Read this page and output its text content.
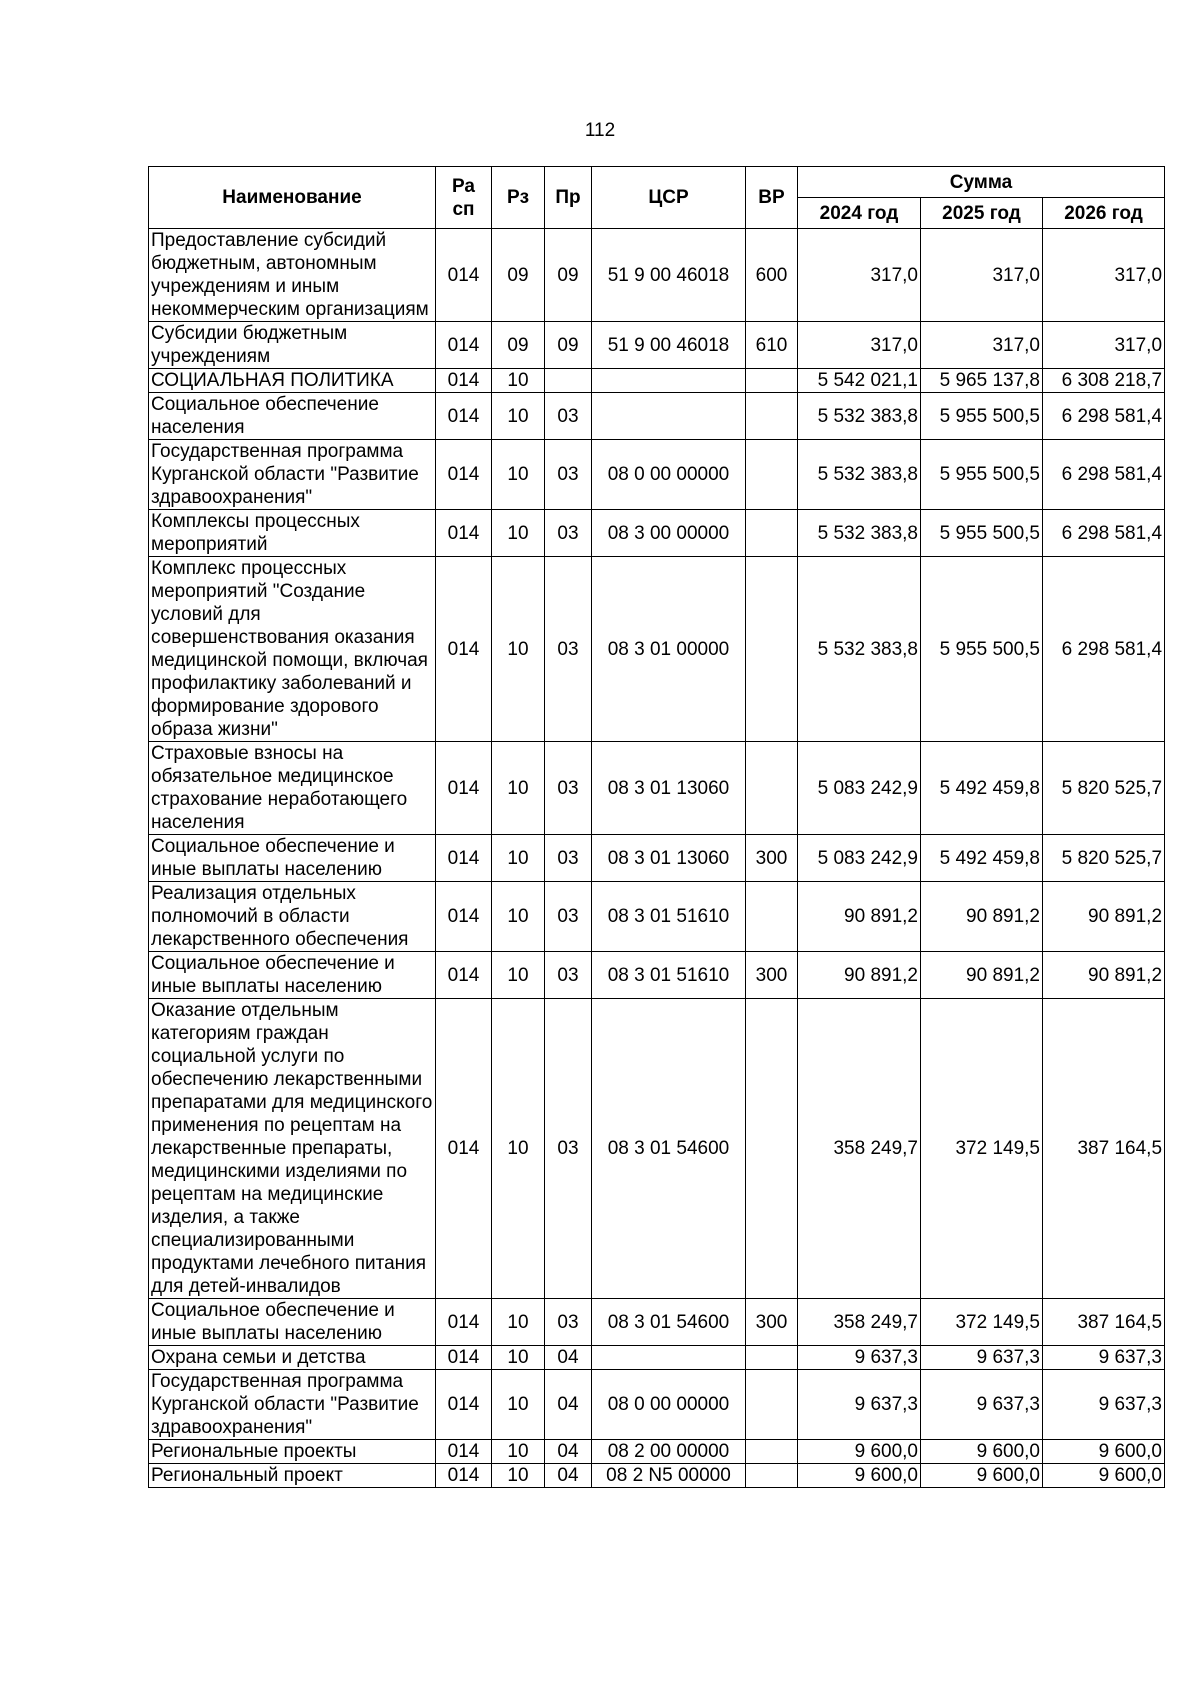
112
Наименование	Ра
сп	Рз	Пр	ЦСР	ВР	Сумма		
						2024 год	2025 год	2026 год
Предоставление субсидий бюджетным, автономным учреждениям и иным некоммерческим организациям	014	09	09	51 9 00 46018	600	317,0	317,0	317,0
Субсидии бюджетным учреждениям	014	09	09	51 9 00 46018	610	317,0	317,0	317,0
СОЦИАЛЬНАЯ ПОЛИТИКА	014	10				5 542 021,1	5 965 137,8	6 308 218,7
Социальное обеспечение населения	014	10	03			5 532 383,8	5 955 500,5	6 298 581,4
Государственная программа Курганской области "Развитие здравоохранения"	014	10	03	08 0 00 00000		5 532 383,8	5 955 500,5	6 298 581,4
Комплексы процессных мероприятий	014	10	03	08 3 00 00000		5 532 383,8	5 955 500,5	6 298 581,4
Комплекс процессных мероприятий "Создание условий для совершенствования оказания медицинской помощи, включая профилактику заболеваний и формирование здорового образа жизни"	014	10	03	08 3 01 00000		5 532 383,8	5 955 500,5	6 298 581,4
Страховые взносы на обязательное медицинское страхование неработающего населения	014	10	03	08 3 01 13060		5 083 242,9	5 492 459,8	5 820 525,7
Социальное обеспечение и иные выплаты населению	014	10	03	08 3 01 13060	300	5 083 242,9	5 492 459,8	5 820 525,7
Реализация отдельных полномочий в области лекарственного обеспечения	014	10	03	08 3 01 51610		90 891,2	90 891,2	90 891,2
Социальное обеспечение и иные выплаты населению	014	10	03	08 3 01 51610	300	90 891,2	90 891,2	90 891,2
Оказание отдельным категориям граждан социальной услуги по обеспечению лекарственными препаратами для медицинского применения по рецептам на лекарственные препараты, медицинскими изделиями по рецептам на медицинские изделия, а также специализированными продуктами лечебного питания для детей-инвалидов	014	10	03	08 3 01 54600		358 249,7	372 149,5	387 164,5
Социальное обеспечение и иные выплаты населению	014	10	03	08 3 01 54600	300	358 249,7	372 149,5	387 164,5
Охрана семьи и детства	014	10	04			9 637,3	9 637,3	9 637,3
Государственная программа Курганской области "Развитие здравоохранения"	014	10	04	08 0 00 00000		9 637,3	9 637,3	9 637,3
Региональные проекты	014	10	04	08 2 00 00000		9 600,0	9 600,0	9 600,0
Региональный проект	014	10	04	08 2 N5 00000		9 600,0	9 600,0	9 600,0
